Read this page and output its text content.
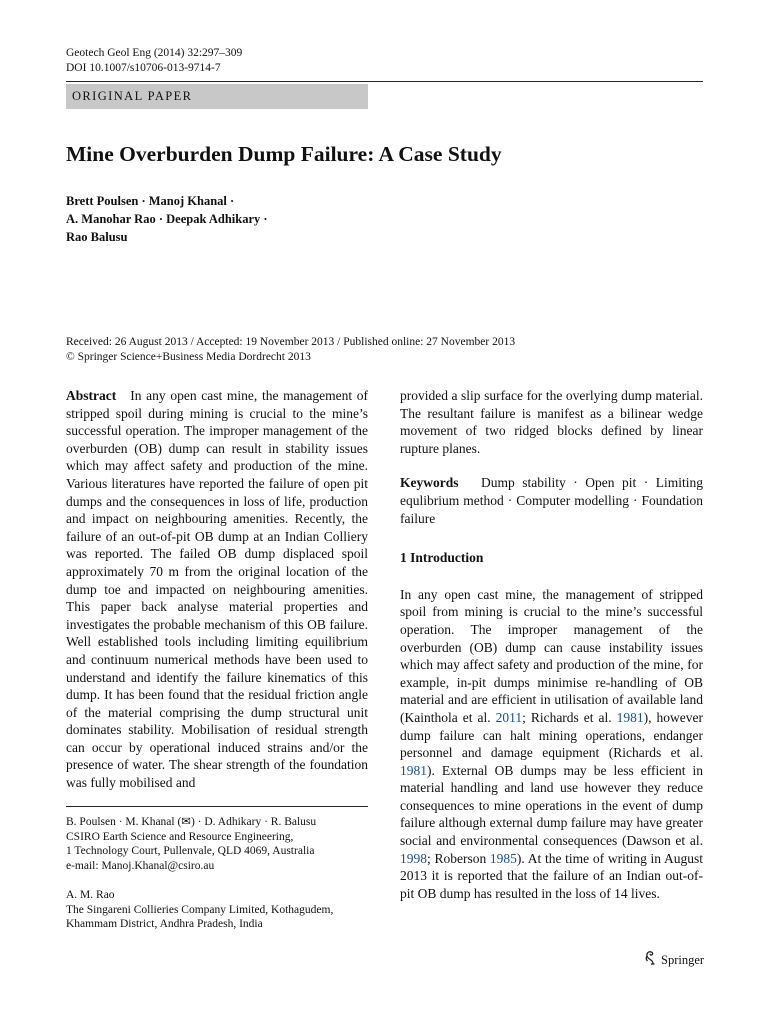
Geotech Geol Eng (2014) 32:297–309
DOI 10.1007/s10706-013-9714-7
ORIGINAL PAPER
Mine Overburden Dump Failure: A Case Study
Brett Poulsen · Manoj Khanal ·
A. Manohar Rao · Deepak Adhikary ·
Rao Balusu
Received: 26 August 2013 / Accepted: 19 November 2013 / Published online: 27 November 2013
© Springer Science+Business Media Dordrecht 2013

Abstract In any open cast mine, the management of stripped spoil during mining is crucial to the mine’s successful operation. The improper management of the overburden (OB) dump can result in stability issues which may affect safety and production of the mine. Various literatures have reported the failure of open pit dumps and the consequences in loss of life, production and impact on neighbouring amenities. Recently, the failure of an out-of-pit OB dump at an Indian Colliery was reported. The failed OB dump displaced spoil approximately 70 m from the original location of the dump toe and impacted on neighbouring amenities. This paper back analyse material properties and investigates the probable mechanism of this OB failure. Well established tools including limiting equilibrium and continuum numerical methods have been used to understand and identify the failure kinematics of this dump. It has been found that the residual friction angle of the material comprising the dump structural unit dominates stability. Mobilisation of residual strength can occur by operational induced strains and/or the presence of water. The shear strength of the foundation was fully mobilised and

B. Poulsen · M. Khanal (✉) · D. Adhikary · R. Balusu

CSIRO Earth Science and Resource Engineering,

1 Technology Court, Pullenvale, QLD 4069, Australia

e-mail: Manoj.Khanal@csiro.au

A. M. Rao

The Singareni Collieries Company Limited, Kothagudem,

Khammam District, Andhra Pradesh, India

provided a slip surface for the overlying dump material. The resultant failure is manifest as a bilinear wedge movement of two ridged blocks defined by linear rupture planes.

Keywords Dump stability · Open pit · Limiting equlibrium method · Computer modelling · Foundation failure

1 Introduction

In any open cast mine, the management of stripped spoil from mining is crucial to the mine’s successful operation. The improper management of the overburden (OB) dump can cause instability issues which may affect safety and production of the mine, for example, in-pit dumps minimise re-handling of OB material and are efficient in utilisation of available land (Kainthola et al. 2011; Richards et al. 1981), however dump failure can halt mining operations, endanger personnel and damage equipment (Richards et al. 1981). External OB dumps may be less efficient in material handling and land use however they reduce consequences to mine operations in the event of dump failure although external dump failure may have greater social and environmental consequences (Dawson et al. 1998; Roberson 1985). At the time of writing in August 2013 it is reported that the failure of an Indian out-of-pit OB dump has resulted in the loss of 14 lives.

Springer
